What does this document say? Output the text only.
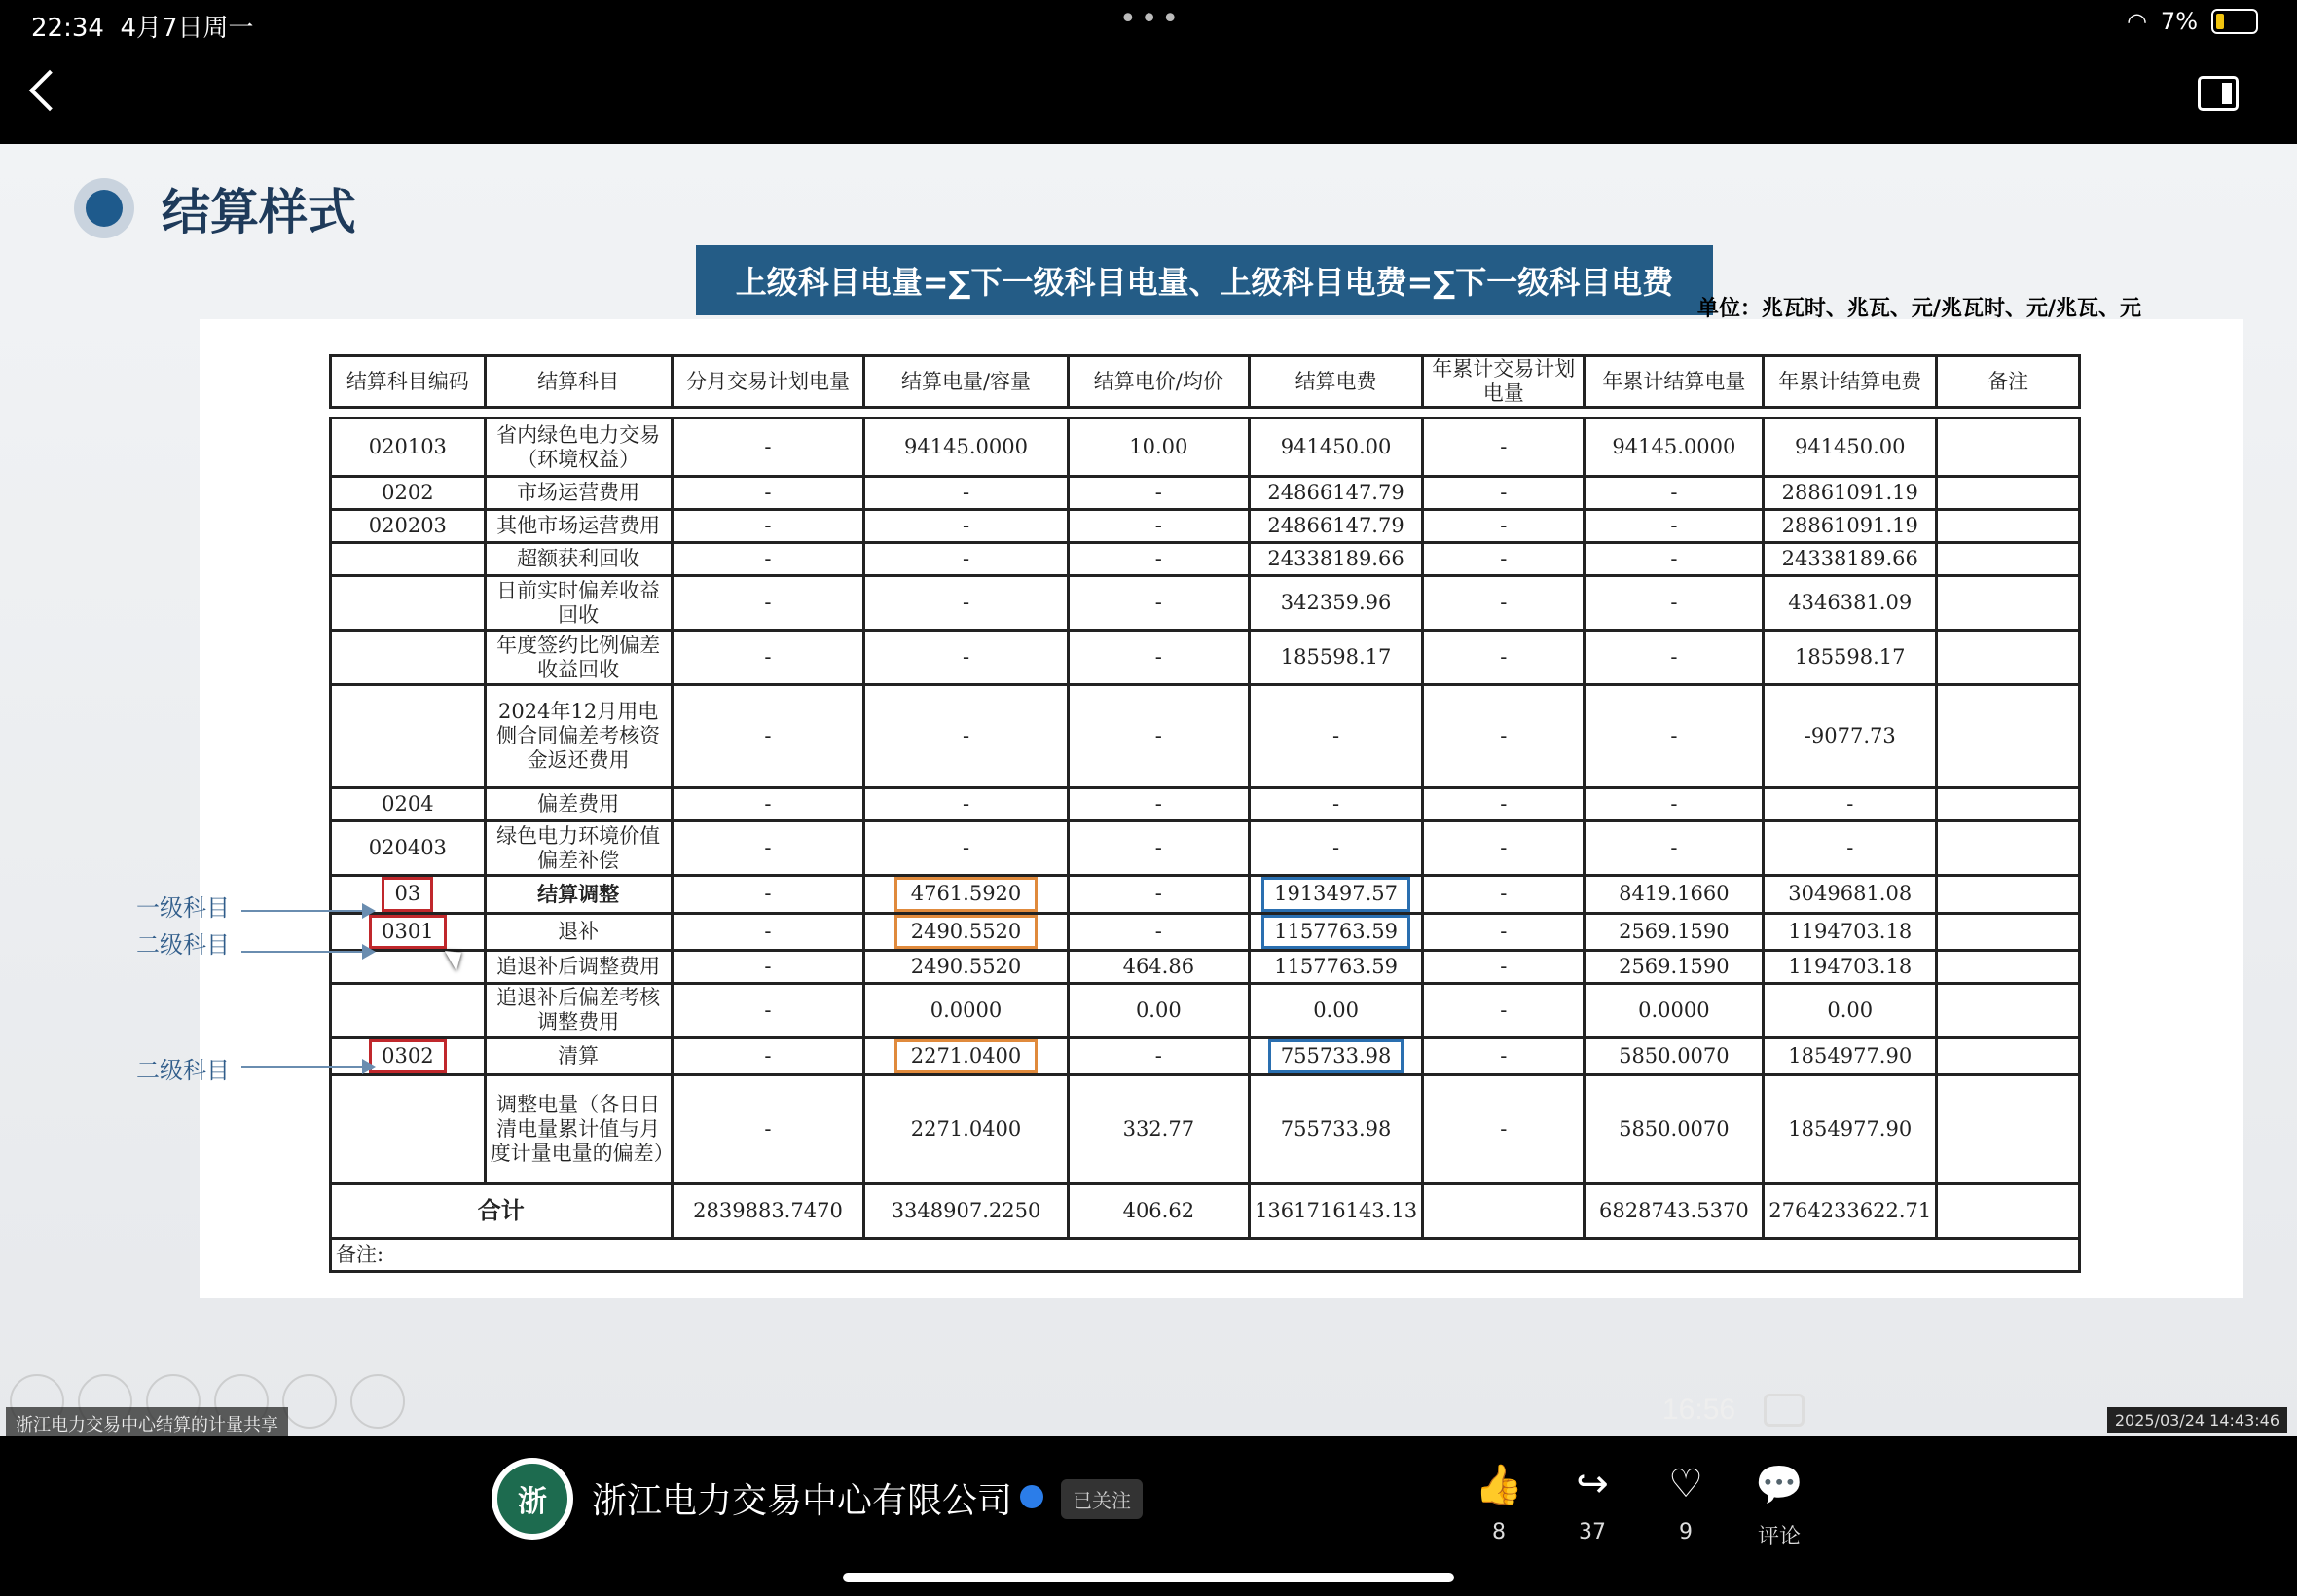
22:34 4月7日周一	•••	◠ 7%
结算样式
上级科目电量=∑下一级科目电量、上级科目电费=∑下一级科目电费
单位：兆瓦时、兆瓦、元/兆瓦时、元/兆瓦、元
结算科目编码	结算科目	分月交易计划电量	结算电量/容量	结算电价/均价	结算电费	年累计交易计划电量	年累计结算电量	年累计结算电费	备注

020103	省内绿色电力交易（环境权益）	-	94145.0000	10.00	941450.00	-	94145.0000	941450.00	
0202	市场运营费用	-	-	-	24866147.79	-	-	28861091.19	
020203	其他市场运营费用	-	-	-	24866147.79	-	-	28861091.19	
	超额获利回收	-	-	-	24338189.66	-	-	24338189.66	
	日前实时偏差收益回收	-	-	-	342359.96	-	-	4346381.09	
	年度签约比例偏差收益回收	-	-	-	185598.17	-	-	185598.17	
	2024年12月用电侧合同偏差考核资金返还费用	-	-	-	-	-	-	-9077.73	
0204	偏差费用	-	-	-	-	-	-	-	
020403	绿色电力环境价值偏差补偿	-	-	-	-	-	-	-	
03	结算调整	-	4761.5920	-	1913497.57	-	8419.1660	3049681.08	
0301	退补	-	2490.5520	-	1157763.59	-	2569.1590	1194703.18	
	追退补后调整费用	-	2490.5520	464.86	1157763.59	-	2569.1590	1194703.18	
	追退补后偏差考核调整费用	-	0.0000	0.00	0.00	-	0.0000	0.00	
0302	清算	-	2271.0400	-	755733.98	-	5850.0070	1854977.90	
	调整电量（各日日清电量累计值与月度计量电量的偏差）	-	2271.0400	332.77	755733.98	-	5850.0070	1854977.90	
合计		2839883.7470	3348907.2250	406.62	1361716143.13		6828743.5370	2764233622.71	
备注:									
一级科目
二级科目
二级科目
浙江电力交易中心结算的计量共享	16:56	2025/03/24 14:43:46
浙	浙江电力交易中心有限公司	已关注	👍
8
↪
37
♡
9
💬
评论
